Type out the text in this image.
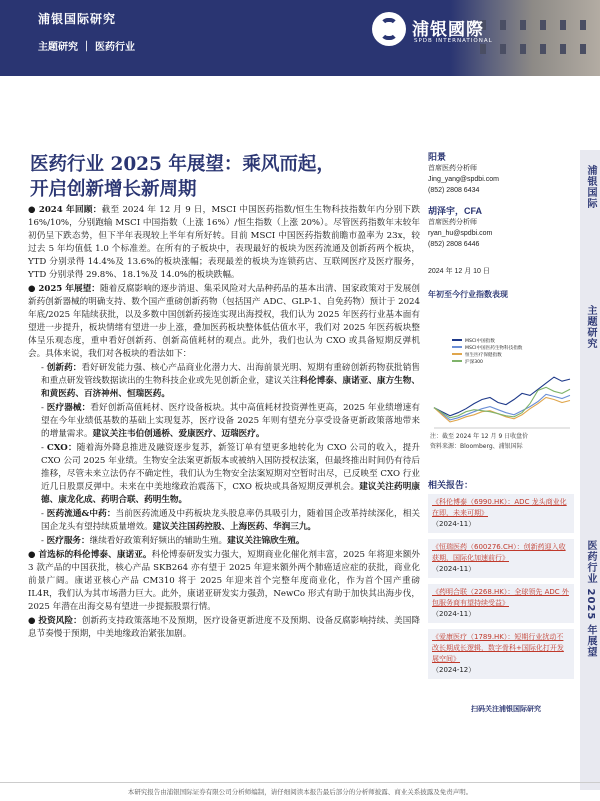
浦银国际研究
主题研究 ｜ 医药行业
浦银國際
SPDB INTERNATIONAL
医药行业 2025 年展望：乘风而起，
开启创新增长新周期

● 2024 年回顾：截至 2024 年 12 月 9 日，MSCI 中国医药指数/恒生生物科技指数年内分别下跌 16%/10%，分别跑输 MSCI 中国指数（上涨 16%）/恒生指数（上涨 20%）。尽管医药指数年末较年初仍呈下跌态势，但下半年表现较上半年有所好转。目前 MSCI 中国医药指数前瞻市盈率为 23x，较过去 5 年均值低 1.0 个标准差。在所有的子板块中，表现最好的板块为医药流通及创新药两个板块，YTD 分别录得 14.4%及 13.6%的板块涨幅；表现最差的板块为连锁药店、互联网医疗及医疗服务，YTD 分别录得 29.8%、18.1%及 14.0%的板块跌幅。

● 2025 年展望：随着反腐影响的逐步消退、集采风险对大品种药品的基本出清、国家政策对于发展创新药创新器械的明确支持、数个国产重磅创新药物（包括国产 ADC、GLP-1、自免药物）预计于 2024 年底/2025 年陆续获批，以及多数中国创新药接连实现出海授权，我们认为 2025 年医药行业基本面有望进一步提升，板块情绪有望进一步上涨，叠加医药板块整体低估值水平，我们对 2025 年医药板块整体呈乐观态度，重申看好创新药、创新高值耗材的观点。此外，我们也认为 CXO 或具备短期反弹机会。具体来说，我们对各板块的看法如下：

- 创新药：看好研发能力强、核心产品商业化潜力大、出海前景光明、短期有重磅创新药物获批销售和重点研发管线数据读出的生物科技企业或先见创新企业，建议关注科伦博泰、康诺亚、康方生物、和黄医药、百济神州、恒瑞医药。

- 医疗器械：看好创新高值耗材、医疗设备板块。其中高值耗材投资弹性更高，2025 年业绩增速有望在今年业绩低基数的基础上实现复苏，医疗设备 2025 年则有望充分享受设备更新政策落地带来的增量需求。建议关注韦伯创通桥、爱康医疗、迈瑞医疗。

- CXO：随着海外降息推进及融资逐步复苏，新签订单有望更多地转化为 CXO 公司的收入，提升 CXO 公司 2025 年业绩。生物安全法案更新版本或被纳入国防授权法案，但最终推出时间仍有待后推移，尽管未来立法仍存不确定性，我们认为生物安全法案短期对空暂时出尽，已反映至 CXO 行业近几日股票反弹中。未来在中美地缘政治震荡下，CXO 板块或具备短期反弹机会。建议关注药明康德、康龙化成、药明合联、药明生物。

- 医药流通&中药：当前医药流通及中药板块龙头股息率仍具吸引力，随着国企改革持续深化，相关国企龙头有望持续质量增效。建议关注国药控股、上海医药、华润三九。

- 医疗服务：继续看好政策利好频出的辅助生殖。建议关注锦欣生殖。

● 首选标的科伦博泰、康诺亚。科伦博泰研发实力强大，短期商业化催化剂丰富，2025 年将迎来额外 3 款产品的中国获批，核心产品 SKB264 亦有望于 2025 年迎来额外两个肺癌适应症的获批，商业化前景广阔。康诺亚核心产品 CM310 将于 2025 年迎来首个完整年度商业化，作为首个国产重磅 IL4R，我们认为其市场潜力巨大。此外，康诺亚研发实力强劲，NewCo 形式有助于加快其出海步伐，2025 年潜在出海交易有望进一步提振股票行情。

● 投资风险：创新药支持政策落地不及预期，医疗设备更新进度不及预期、设备反腐影响持续、美国降息节奏慢于预期，中美地缘政治紧张加剧。

阳景
首席医药分析师
Jing_yang@spdbi.com
(852) 2808 6434
胡泽宇，CFA
首席医药分析师
ryan_hu@spdbi.com
(852) 2808 6446
2024 年 12 月 10 日
年初至今行业指数表现
MSCI中国指数
MSCI中国医药生物科技指数
恒生医疗保健指数
沪深300
注：截至 2024 年 12 月 9 日收盘价
资料来源：Bloomberg、浦银国际
相关报告：
《科伦博泰（6990.HK）：ADC 龙头商业化在即，未来可期》
（2024-11）
《恒瑞医药（600276.CH）：创新药迎入收获期，国际化加速前行》
（2024-11）
《药明合联（2268.HK）：全球领先 ADC 外包服务商有望持续受益》
（2024-11）
《爱康医疗（1789.HK）：短期行业扰动不改长期成长逻辑，数字骨科+国际化打开发展空间》
（2024-12）
扫码关注浦银国际研究
浦银国际
主题研究
医药行业 2025 年展望
本研究报告由浦银国际证券有限公司分析师编制，请仔细阅读本报告最后部分的分析师披露、商业关系披露及免责声明。
